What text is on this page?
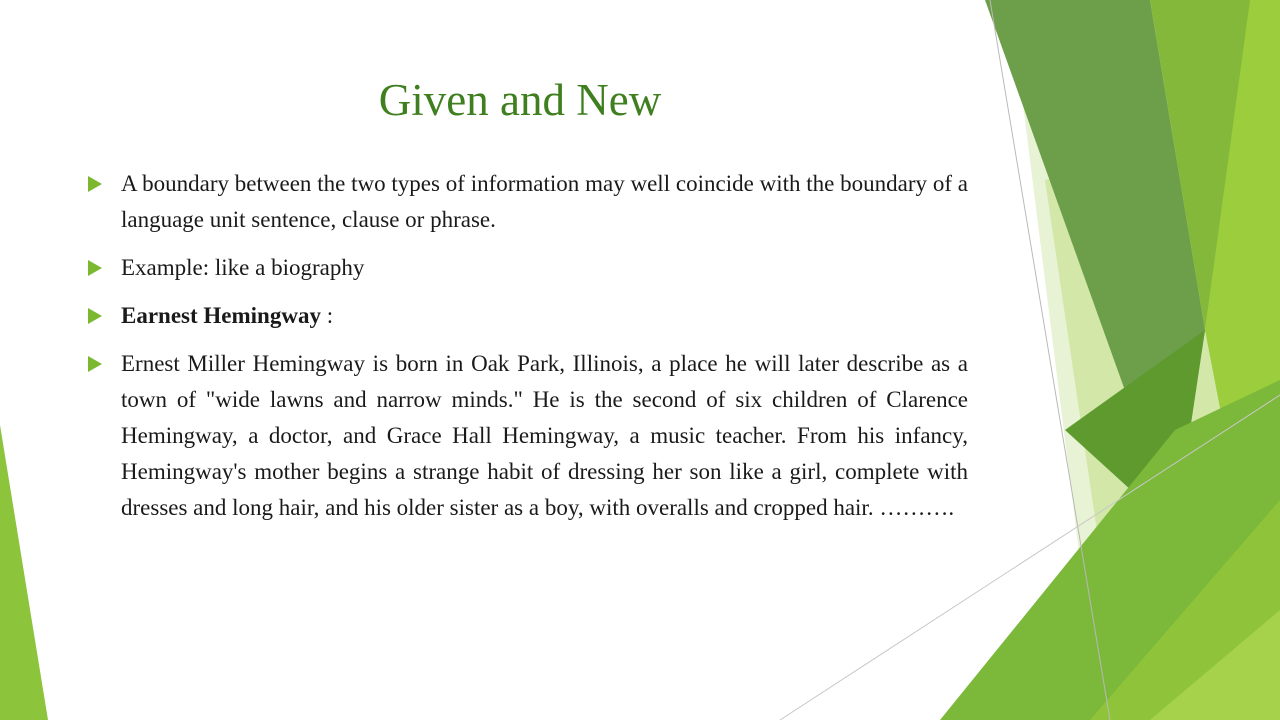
Given and New
A boundary between the two types of information may well coincide with the boundary of a language unit sentence, clause or phrase.
Example: like a biography
Earnest Hemingway :
Ernest Miller Hemingway is born in Oak Park, Illinois, a place he will later describe as a town of "wide lawns and narrow minds." He is the second of six children of Clarence Hemingway, a doctor, and Grace Hall Hemingway, a music teacher. From his infancy, Hemingway's mother begins a strange habit of dressing her son like a girl, complete with dresses and long hair, and his older sister as a boy, with overalls and cropped hair. ……….
